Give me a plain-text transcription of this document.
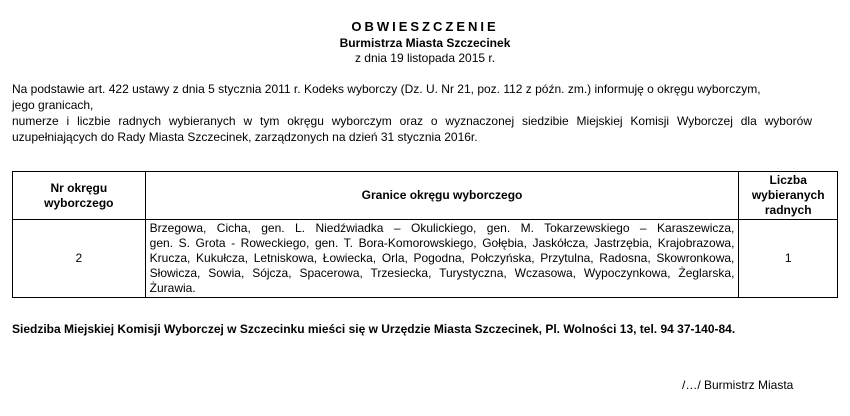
OBWIESZCZENIE
Burmistrza Miasta Szczecinek
z dnia 19 listopada 2015 r.
Na podstawie art. 422 ustawy z dnia 5 stycznia 2011 r. Kodeks wyborczy (Dz. U. Nr 21, poz. 112 z późn. zm.) informuję o okręgu wyborczym,
jego granicach,
numerze i liczbie radnych wybieranych w tym okręgu wyborczym oraz o wyznaczonej siedzibie Miejskiej Komisji Wyborczej dla wyborów
uzupełniających do Rady Miasta Szczecinek, zarządzonych na dzień 31 stycznia 2016r.
Nr okręgu wyborczego	Granice okręgu wyborczego	Liczba wybieranych radnych
2	Brzegowa, Cicha, gen. L. Niedźwiadka – Okulickiego, gen. M. Tokarzewskiego – Karaszewicza,
gen. S. Grota - Roweckiego, gen. T. Bora-Komorowskiego, Gołębia, Jaskółcza, Jastrzębia, Krajobrazowa,
Krucza, Kukułcza, Letniskowa, Łowiecka, Orla, Pogodna, Połczyńska, Przytulna, Radosna, Skowronkowa,
Słowicza, Sowia, Sójcza, Spacerowa, Trzesiecka, Turystyczna, Wczasowa, Wypoczynkowa, Żeglarska,
Żurawia.	1
Siedziba Miejskiej Komisji Wyborczej w Szczecinku mieści się w Urzędzie Miasta Szczecinek, Pl. Wolności 13, tel. 94 37-140-84.
/…/ Burmistrz Miasta
